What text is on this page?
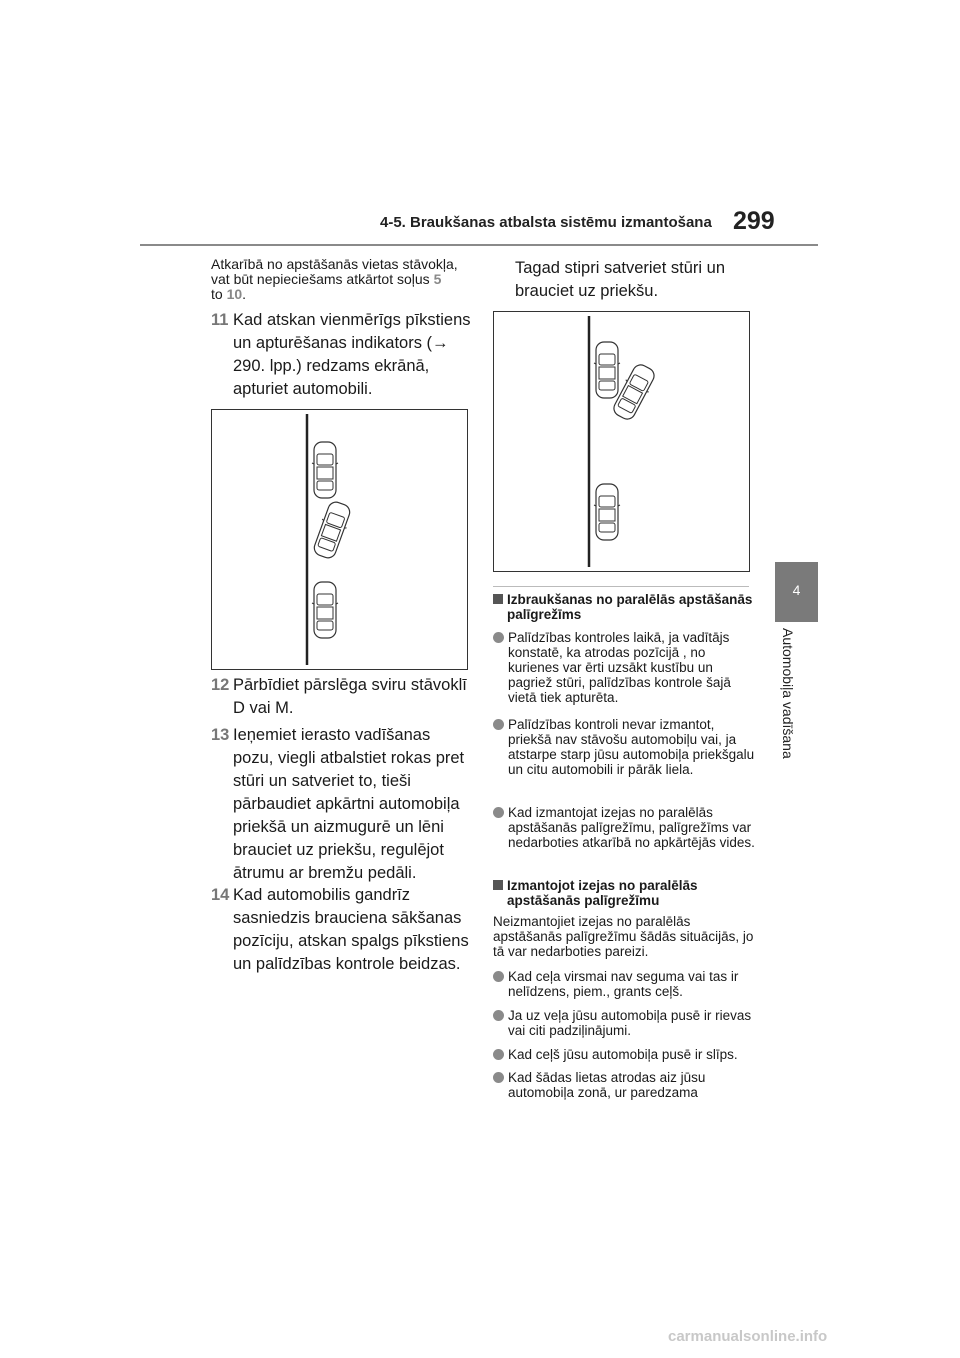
4-5. Braukšanas atbalsta sistēmu izmantošana 299
4
Automobiļa vadīšana
Atkarībā no apstāšanās vietas stāvokļa,
vat būt nepieciešams atkārtot soļus 5
to 10.
11 Kad atskan vienmērīgs pīkstiens un apturēšanas indikators (→ 290. lpp.) redzams ekrānā, apturiet automobili.
12 Pārbīdiet pārslēga sviru stāvoklī D vai M.
13 Ieņemiet ierasto vadīšanas pozu, viegli atbalstiet rokas pret stūri un satveriet to, tieši pārbaudiet apkārtni automobiļa priekšā un aizmugurē un lēni brauciet uz priekšu, regulējot ātrumu ar bremžu pedāli.
14 Kad automobilis gandrīz sasniedzis brauciena sākšanas pozīciju, atskan spalgs pīkstiens un palīdzības kontrole beidzas.
Tagad stipri satveriet stūri un brauciet uz priekšu.
Izbraukšanas no paralēlās apstāšanās palīgrežīms
Palīdzības kontroles laikā, ja vadītājs konstatē, ka atrodas pozīcijā , no kurienes var ērti uzsākt kustību un pagriež stūri, palīdzības kontrole šajā vietā tiek apturēta.
Palīdzības kontroli nevar izmantot, priekšā nav stāvošu automobiļu vai, ja atstarpe starp jūsu automobiļa priekšgalu un citu automobili ir pārāk liela.
Kad izmantojat izejas no paralēlās apstāšanās palīgrežīmu, palīgrežīms var nedarboties atkarībā no apkārtējās vides.
Izmantojot izejas no paralēlās apstāšanās palīgrežīmu
Neizmantojiet izejas no paralēlās apstāšanās palīgrežīmu šādās situācijās, jo tā var nedarboties pareizi.
Kad ceļa virsmai nav seguma vai tas ir nelīdzens, piem., grants ceļš.
Ja uz veļa jūsu automobiļa pusē ir rievas vai citi padziļinājumi.
Kad ceļš jūsu automobiļa pusē ir slīps.
Kad šādas lietas atrodas aiz jūsu automobiļa zonā, ur paredzama
carmanualsonline.info
